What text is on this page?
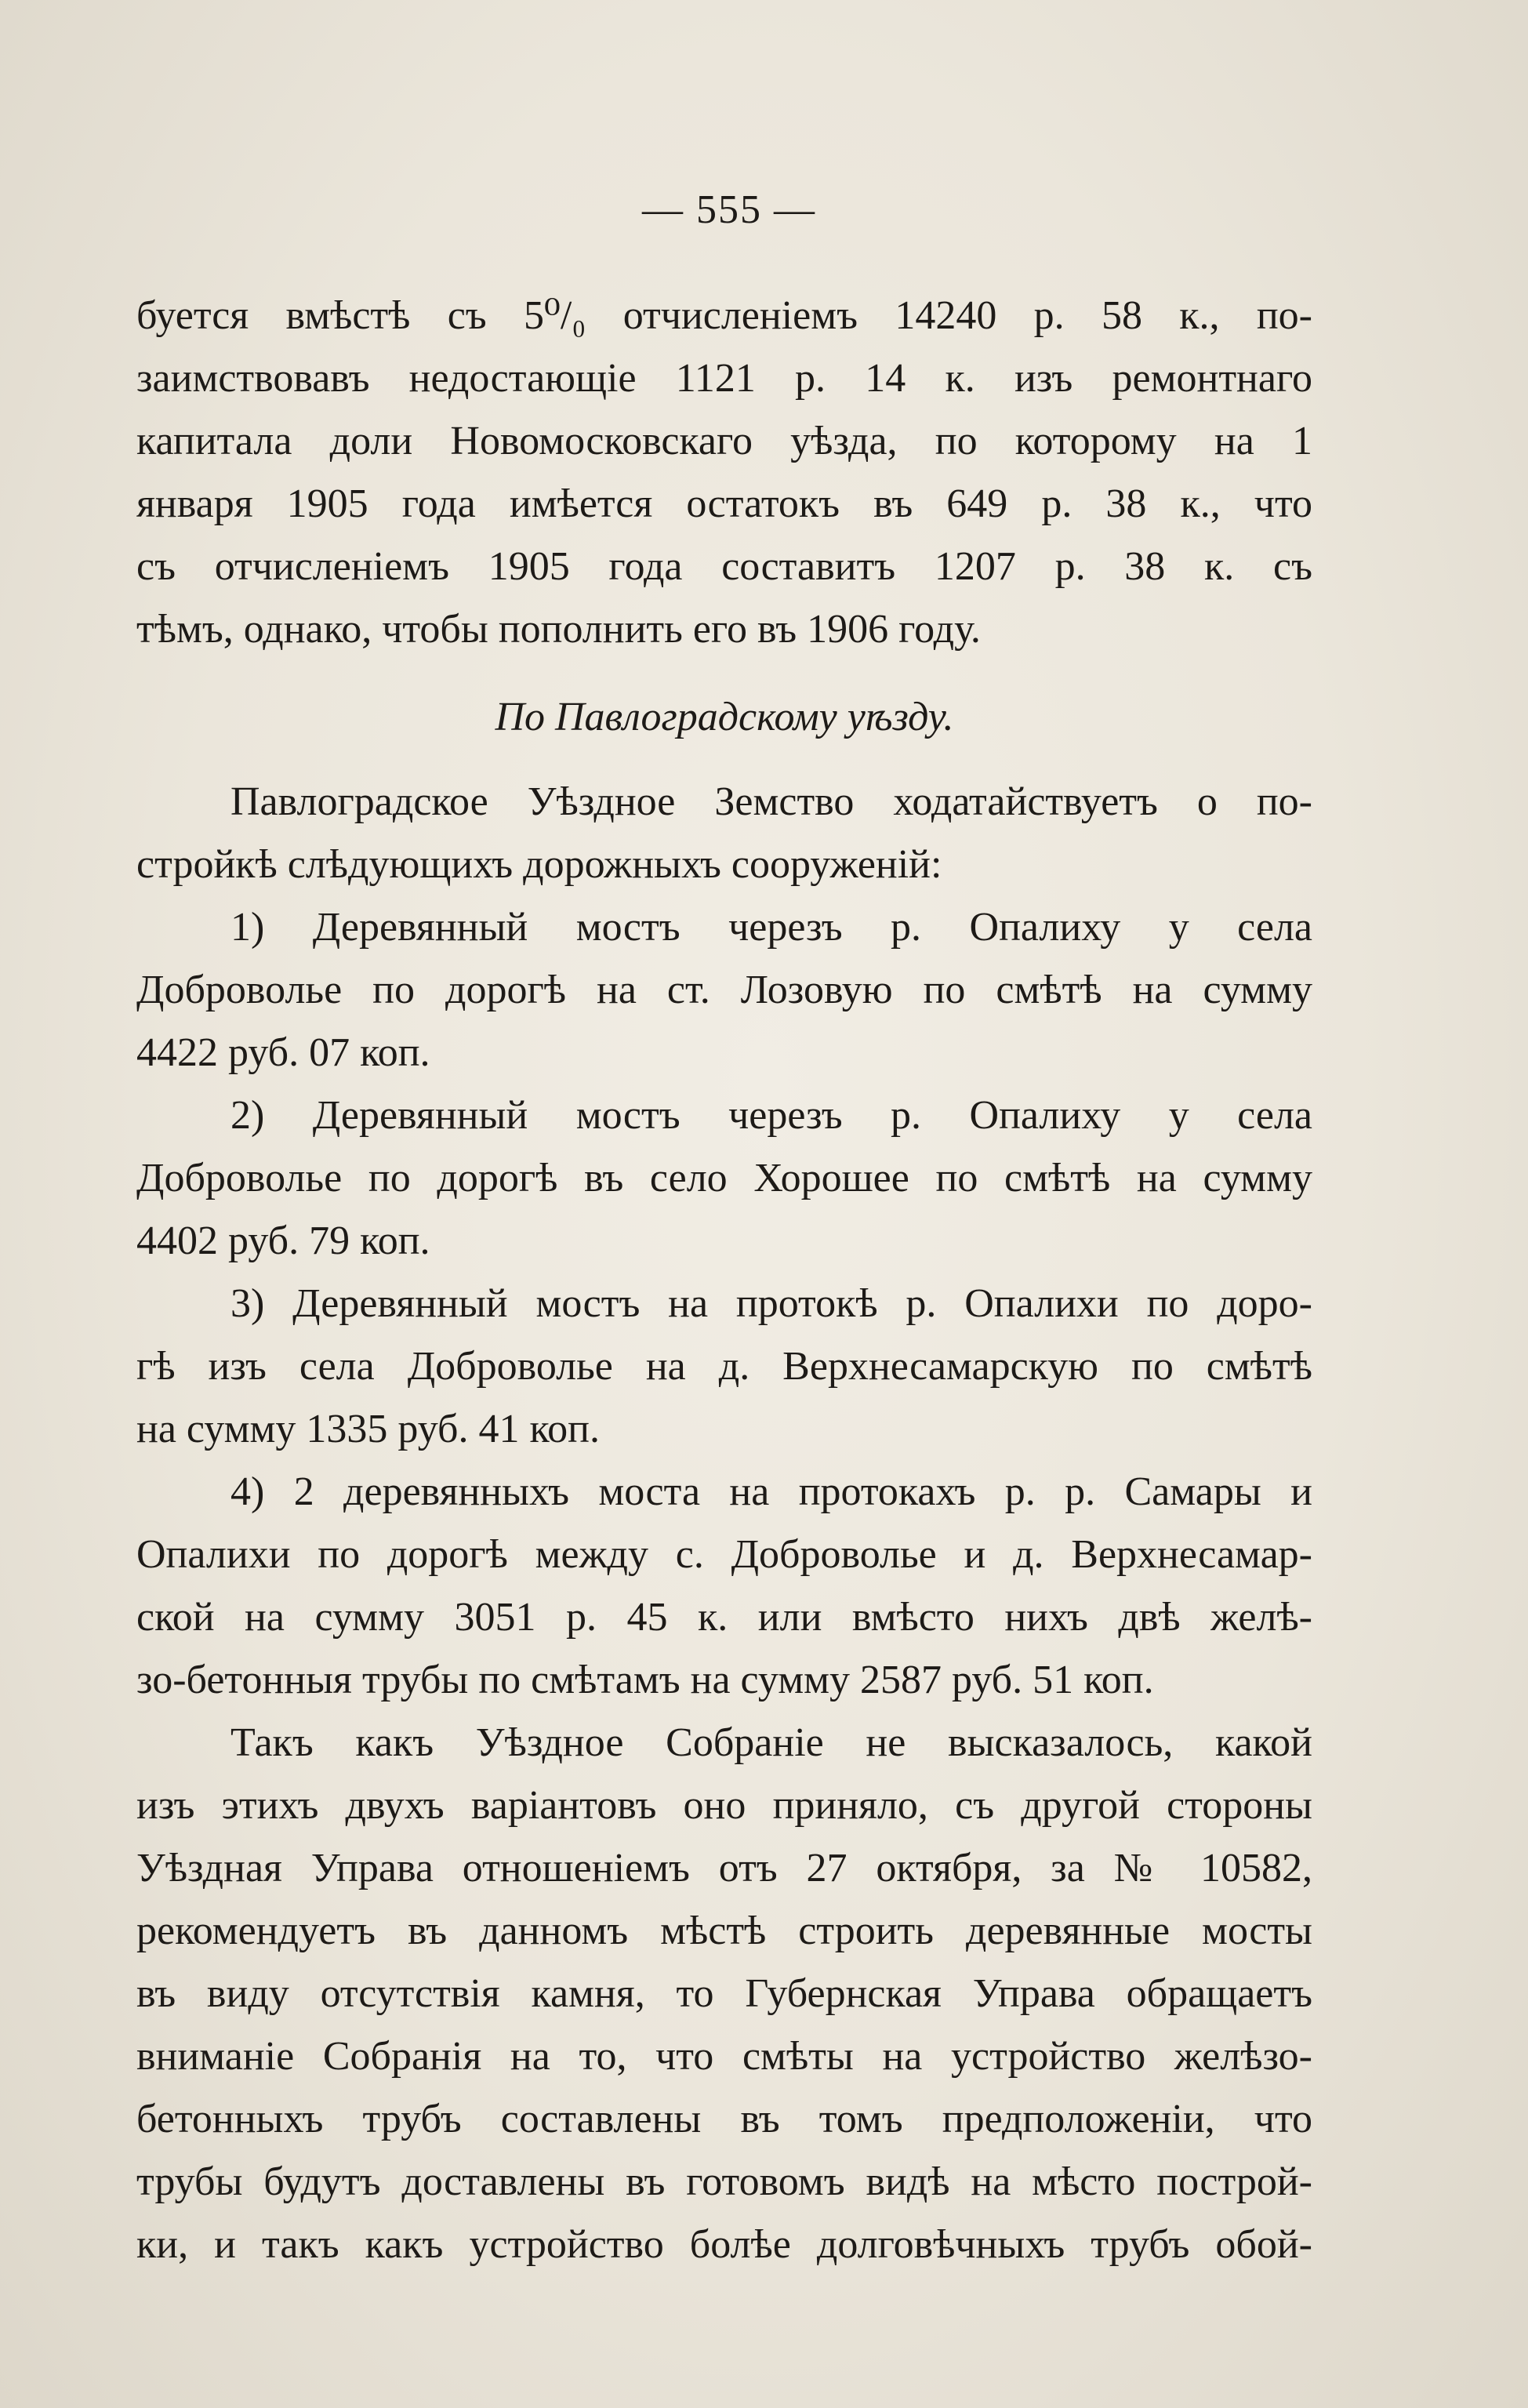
— 555 —
буется вмѣстѣ съ 5⁰/₀ отчисленіемъ 14240 р. 58 к., по-
заимствовавъ недостающіе 1121 р. 14 к. изъ ремонтнаго
капитала доли Новомосковскаго уѣзда, по которому на 1
января 1905 года имѣется остатокъ въ 649 р. 38 к., что
съ отчисленіемъ 1905 года составитъ 1207 р. 38 к. съ
тѣмъ, однако, чтобы пополнить его въ 1906 году.
По Павлоградскому уѣзду.
Павлоградское Уѣздное Земство ходатайствуетъ о по-
стройкѣ слѣдующихъ дорожныхъ сооруженій:
1) Деревянный мостъ черезъ р. Опалиху у села
Доброволье по дорогѣ на ст. Лозовую по смѣтѣ на сумму
4422 руб. 07 коп.
2) Деревянный мостъ черезъ р. Опалиху у села
Доброволье по дорогѣ въ село Хорошее по смѣтѣ на сумму
4402 руб. 79 коп.
3) Деревянный мостъ на протокѣ р. Опалихи по доро-
гѣ изъ села Доброволье на д. Верхнесамарскую по смѣтѣ
на сумму 1335 руб. 41 коп.
4) 2 деревянныхъ моста на протокахъ р. р. Самары и
Опалихи по дорогѣ между с. Доброволье и д. Верхнесамар-
ской на сумму 3051 р. 45 к. или вмѣсто нихъ двѣ желѣ-
зо-бетонныя трубы по смѣтамъ на сумму 2587 руб. 51 коп.
Такъ какъ Уѣздное Собраніе не высказалось, какой
изъ этихъ двухъ варіантовъ оно приняло, съ другой стороны
Уѣздная Управа отношеніемъ отъ 27 октября, за № 10582,
рекомендуетъ въ данномъ мѣстѣ строить деревянные мосты
въ виду отсутствія камня, то Губернская Управа обращаетъ
вниманіе Собранія на то, что смѣты на устройство желѣзо-
бетонныхъ трубъ составлены въ томъ предположеніи, что
трубы будутъ доставлены въ готовомъ видѣ на мѣсто построй-
ки, и такъ какъ устройство болѣе долговѣчныхъ трубъ обой-
